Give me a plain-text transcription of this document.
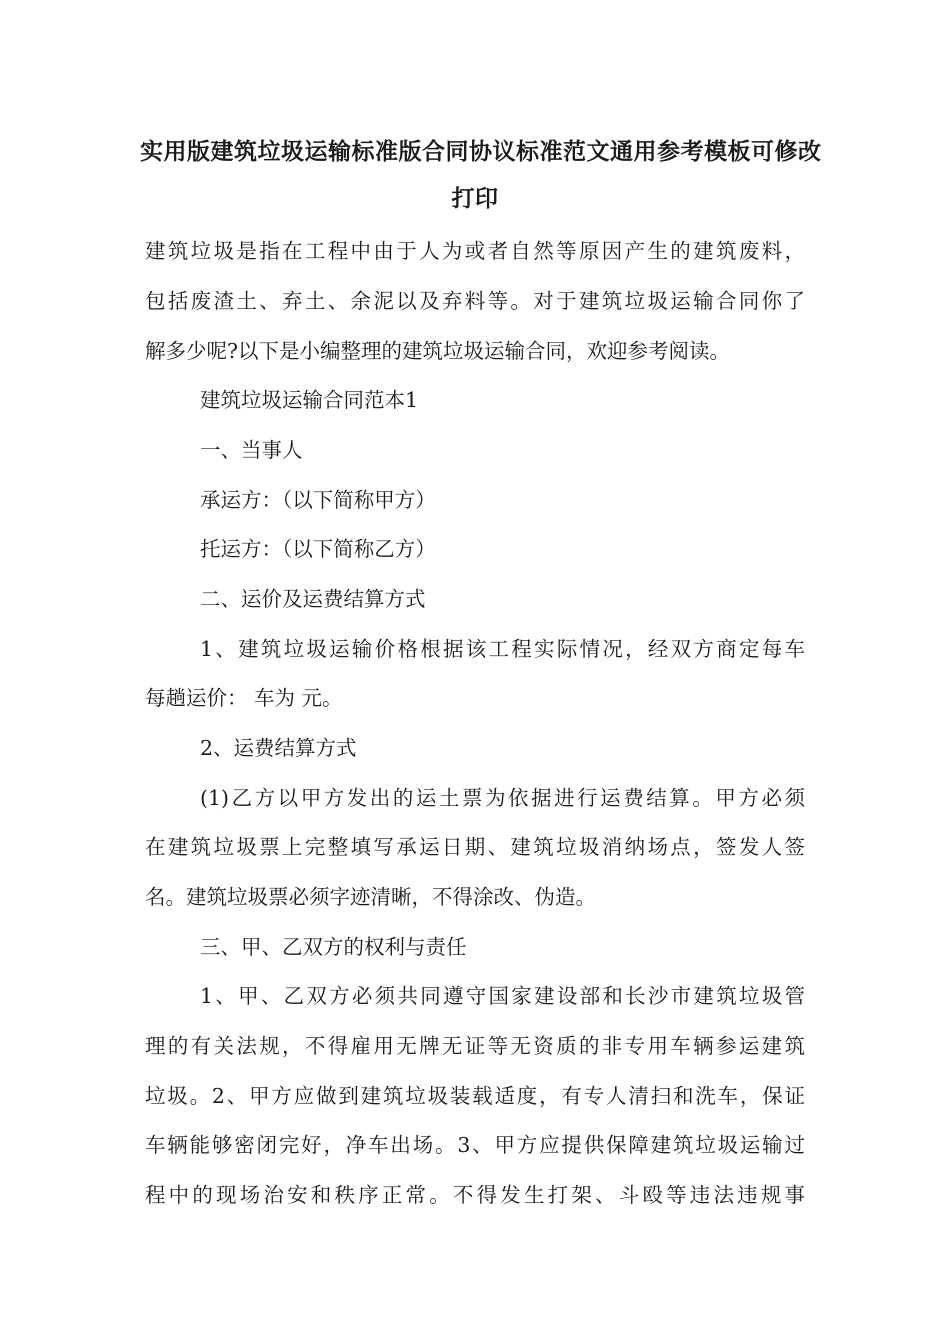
实用版建筑垃圾运输标准版合同协议标准范文通用参考模板可修改
打印
建筑垃圾是指在工程中由于人为或者自然等原因产生的建筑废料，
包括废渣土、弃土、余泥以及弃料等。对于建筑垃圾运输合同你了
解多少呢?以下是小编整理的建筑垃圾运输合同，欢迎参考阅读。
建筑垃圾运输合同范本1
一、当事人
承运方：（以下简称甲方）
托运方：（以下简称乙方）
二、运价及运费结算方式
1、建筑垃圾运输价格根据该工程实际情况，经双方商定每车
每趟运价： 车为 元。
2、运费结算方式
(1)乙方以甲方发出的运土票为依据进行运费结算。甲方必须
在建筑垃圾票上完整填写承运日期、建筑垃圾消纳场点，签发人签
名。建筑垃圾票必须字迹清晰，不得涂改、伪造。
三、甲、乙双方的权利与责任
1、甲、乙双方必须共同遵守国家建设部和长沙市建筑垃圾管
理的有关法规，不得雇用无牌无证等无资质的非专用车辆参运建筑
垃圾。2、甲方应做到建筑垃圾装载适度，有专人清扫和洗车，保证
车辆能够密闭完好，净车出场。3、甲方应提供保障建筑垃圾运输过
程中的现场治安和秩序正常。不得发生打架、斗殴等违法违规事
